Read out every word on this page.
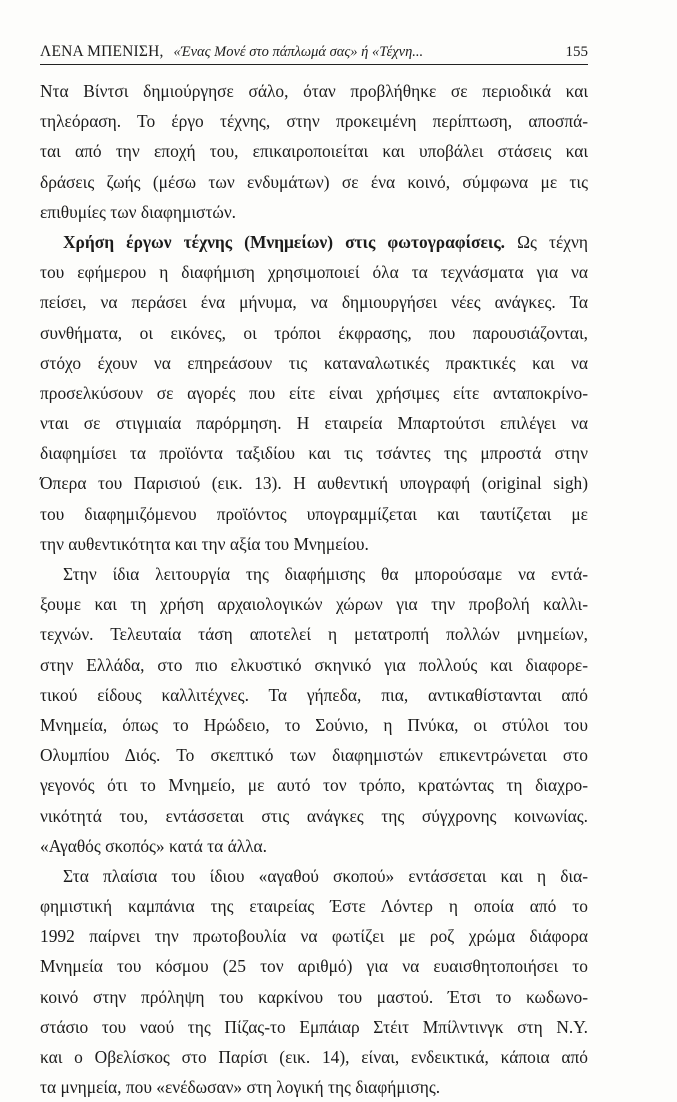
ΛΕΝΑ ΜΠΕΝΙΣΗ, «Ένας Μονέ στο πάπλωμά σας» ή «Τέχνη...	155
Ντα Βίντσι δημιούργησε σάλο, όταν προβλήθηκε σε περιοδικά και
τηλεόραση. Το έργο τέχνης, στην προκειμένη περίπτωση, αποσπά-
ται από την εποχή του, επικαιροποιείται και υποβάλει στάσεις και
δράσεις ζωής (μέσω των ενδυμάτων) σε ένα κοινό, σύμφωνα με τις
επιθυμίες των διαφημιστών.
Χρήση έργων τέχνης (Μνημείων) στις φωτογραφίσεις. Ως τέχνη
του εφήμερου η διαφήμιση χρησιμοποιεί όλα τα τεχνάσματα για να
πείσει, να περάσει ένα μήνυμα, να δημιουργήσει νέες ανάγκες. Τα
συνθήματα, οι εικόνες, οι τρόποι έκφρασης, που παρουσιάζονται,
στόχο έχουν να επηρεάσουν τις καταναλωτικές πρακτικές και να
προσελκύσουν σε αγορές που είτε είναι χρήσιμες είτε ανταποκρίνο-
νται σε στιγμιαία παρόρμηση. Η εταιρεία Μπαρτούτσι επιλέγει να
διαφημίσει τα προϊόντα ταξιδίου και τις τσάντες της μπροστά στην
Όπερα του Παρισιού (εικ. 13). Η αυθεντική υπογραφή (original sigh)
του διαφημιζόμενου προϊόντος υπογραμμίζεται και ταυτίζεται με
την αυθεντικότητα και την αξία του Μνημείου.
Στην ίδια λειτουργία της διαφήμισης θα μπορούσαμε να εντά-
ξουμε και τη χρήση αρχαιολογικών χώρων για την προβολή καλλι-
τεχνών. Τελευταία τάση αποτελεί η μετατροπή πολλών μνημείων,
στην Ελλάδα, στο πιο ελκυστικό σκηνικό για πολλούς και διαφορε-
τικού είδους καλλιτέχνες. Τα γήπεδα, πια, αντικαθίστανται από
Μνημεία, όπως το Ηρώδειο, το Σούνιο, η Πνύκα, οι στύλοι του
Ολυμπίου Διός. Το σκεπτικό των διαφημιστών επικεντρώνεται στο
γεγονός ότι το Μνημείο, με αυτό τον τρόπο, κρατώντας τη διαχρο-
νικότητά του, εντάσσεται στις ανάγκες της σύγχρονης κοινωνίας.
«Αγαθός σκοπός» κατά τα άλλα.
Στα πλαίσια του ίδιου «αγαθού σκοπού» εντάσσεται και η δια-
φημιστική καμπάνια της εταιρείας Έστε Λόντερ η οποία από το
1992 παίρνει την πρωτοβουλία να φωτίζει με ροζ χρώμα διάφορα
Μνημεία του κόσμου (25 τον αριθμό) για να ευαισθητοποιήσει το
κοινό στην πρόληψη του καρκίνου του μαστού. Έτσι το κωδωνο-
στάσιο του ναού της Πίζας-το Εμπάιαρ Στέιτ Μπίλντινγκ στη Ν.Υ.
και ο Οβελίσκος στο Παρίσι (εικ. 14), είναι, ενδεικτικά, κάποια από
τα μνημεία, που «ενέδωσαν» στη λογική της διαφήμισης.
